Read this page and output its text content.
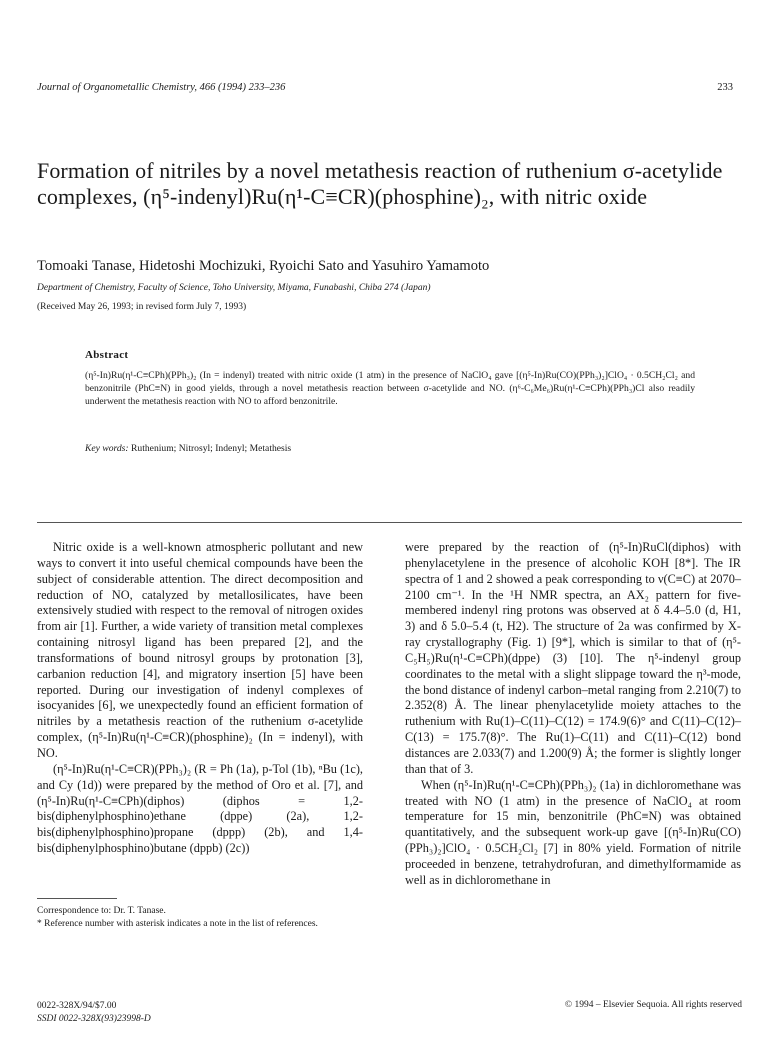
Journal of Organometallic Chemistry, 466 (1994) 233–236	233
Formation of nitriles by a novel metathesis reaction of ruthenium σ-acetylide complexes, (η⁵-indenyl)Ru(η¹-C≡CR)(phosphine)₂, with nitric oxide
Tomoaki Tanase, Hidetoshi Mochizuki, Ryoichi Sato and Yasuhiro Yamamoto
Department of Chemistry, Faculty of Science, Toho University, Miyama, Funabashi, Chiba 274 (Japan)
(Received May 26, 1993; in revised form July 7, 1993)
Abstract
(η⁵-In)Ru(η¹-C≡CPh)(PPh₃)₂ (In = indenyl) treated with nitric oxide (1 atm) in the presence of NaClO₄ gave [(η⁵-In)Ru(CO)(PPh₃)₂]ClO₄ · 0.5CH₂Cl₂ and benzonitrile (PhC≡N) in good yields, through a novel metathesis reaction between σ-acetylide and NO. (η⁶-C₆Me₆)Ru(η¹-C≡CPh)(PPh₃)Cl also readily underwent the metathesis reaction with NO to afford benzonitrile.
Key words: Ruthenium; Nitrosyl; Indenyl; Metathesis

Nitric oxide is a well-known atmospheric pollutant and new ways to convert it into useful chemical compounds have been the subject of considerable attention. The direct decomposition and reduction of NO, catalyzed by metallosilicates, have been extensively studied with respect to the removal of nitrogen oxides from air [1]. Further, a wide variety of transition metal complexes containing nitrosyl ligand has been prepared [2], and the transformations of bound nitrosyl groups by protonation [3], carbanion reduction [4], and migratory insertion [5] have been reported. During our investigation of indenyl complexes of isocyanides [6], we unexpectedly found an efficient formation of nitriles by a metathesis reaction of the ruthenium σ-acetylide complex, (η⁵-In)Ru(η¹-C≡CR)(phosphine)₂ (In = indenyl), with NO.

(η⁵-In)Ru(η¹-C≡CR)(PPh₃)₂ (R = Ph (1a), p-Tol (1b), ⁿBu (1c), and Cy (1d)) were prepared by the method of Oro et al. [7], and (η⁵-In)Ru(η¹-C≡CPh)(diphos) (diphos = 1,2-bis(diphenylphosphino)ethane (dppe) (2a), 1,2-bis(diphenylphosphino)propane (dppp) (2b), and 1,4-bis(diphenylphosphino)butane (dppb) (2c))

were prepared by the reaction of (η⁵-In)RuCl(diphos) with phenylacetylene in the presence of alcoholic KOH [8*]. The IR spectra of 1 and 2 showed a peak corresponding to ν(C≡C) at 2070–2100 cm⁻¹. In the ¹H NMR spectra, an AX₂ pattern for five-membered indenyl ring protons was observed at δ 4.4–5.0 (d, H1, 3) and δ 5.0–5.4 (t, H2). The structure of 2a was confirmed by X-ray crystallography (Fig. 1) [9*], which is similar to that of (η⁵-C₅H₅)Ru(η¹-C≡CPh)(dppe) (3) [10]. The η⁵-indenyl group coordinates to the metal with a slight slippage toward the η³-mode, the bond distance of indenyl carbon–metal ranging from 2.210(7) to 2.352(8) Å. The linear phenylacetylide moiety attaches to the ruthenium with Ru(1)–C(11)–C(12) = 174.9(6)° and C(11)–C(12)–C(13) = 175.7(8)°. The Ru(1)–C(11) and C(11)–C(12) bond distances are 2.033(7) and 1.200(9) Å; the former is slightly longer than that of 3.

When (η⁵-In)Ru(η¹-C≡CPh)(PPh₃)₂ (1a) in dichloromethane was treated with NO (1 atm) in the presence of NaClO₄ at room temperature for 15 min, benzonitrile (PhC≡N) was obtained quantitatively, and the subsequent work-up gave [(η⁵-In)Ru(CO)(PPh₃)₂]ClO₄ · 0.5CH₂Cl₂ [7] in 80% yield. Formation of nitrile proceeded in benzene, tetrahydrofuran, and dimethylformamide as well as in dichloromethane in

Correspondence to: Dr. T. Tanase.
* Reference number with asterisk indicates a note in the list of references.
0022-328X/94/$7.00
SSDI 0022-328X(93)23998-D
© 1994 – Elsevier Sequoia. All rights reserved
